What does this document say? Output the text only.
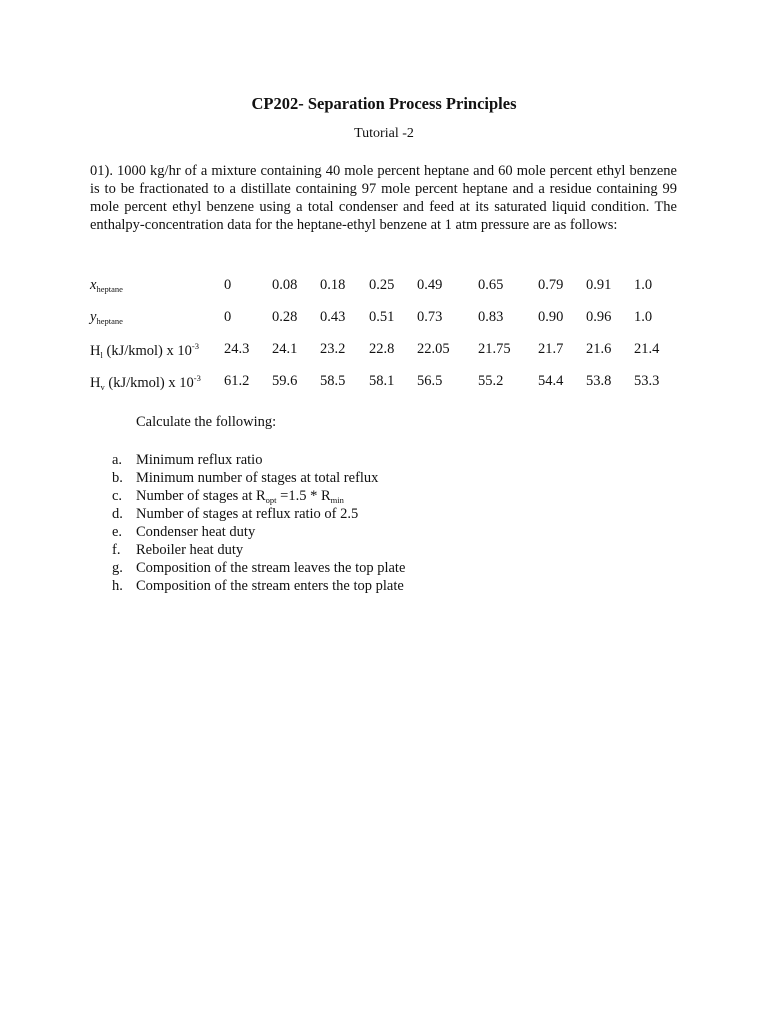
CP202- Separation Process Principles
Tutorial -2
01). 1000 kg/hr of a mixture containing 40 mole percent heptane and 60 mole percent ethyl benzene is to be fractionated to a distillate containing 97 mole percent heptane and a residue containing 99 mole percent ethyl benzene using a total condenser and feed at its saturated liquid condition. The enthalpy-concentration data for the heptane-ethyl benzene at 1 atm pressure are as follows:
$x_{heptane}$	0	0.08 0.18 0.25 0.49 0.65 0.79 0.91 1.0
$y_{heptane}$	0	0.28 0.43 0.51 0.73 0.83 0.90 0.96 1.0
$H_l$ (kJ/kmol) x $10^{-3}$ 24.3 24.1 23.2 22.8 22.05 21.75 21.7 21.6 21.4
$H_v$ (kJ/kmol) x $10^{-3}$ 61.2 59.6 58.5 58.1 56.5 55.2 54.4 53.8 53.3
Calculate the following:
a. Minimum reflux ratio
b. Minimum number of stages at total reflux
c. Number of stages at $R_{opt} =1.5 * R_{min}$
d. Number of stages at reflux ratio of 2.5
e. Condenser heat duty
f. Reboiler heat duty
g. Composition of the stream leaves the top plate
h. Composition of the stream enters the top plate
